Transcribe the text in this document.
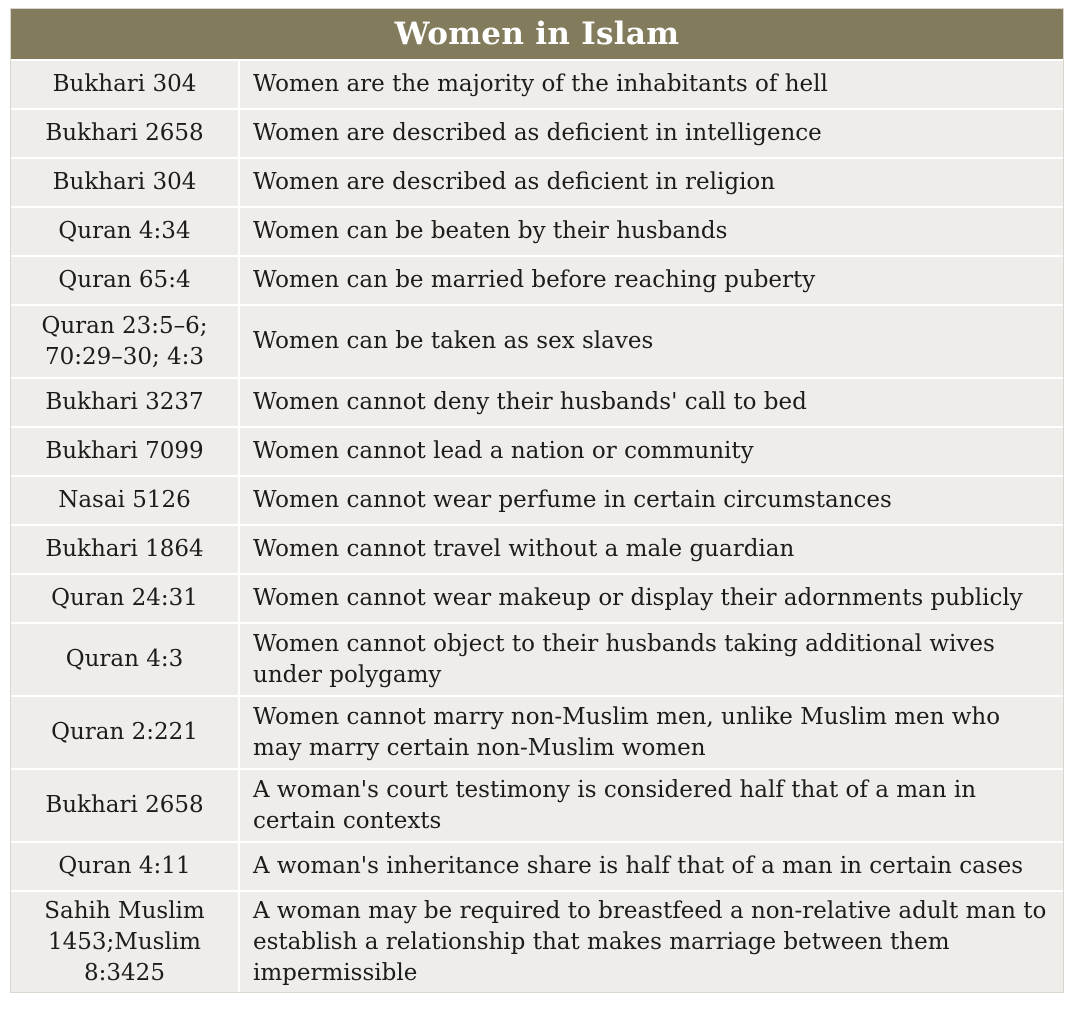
Women in Islam
Bukhari 304	Women are the majority of the inhabitants of hell
Bukhari 2658	Women are described as deficient in intelligence
Bukhari 304	Women are described as deficient in religion
Quran 4:34	Women can be beaten by their husbands
Quran 65:4	Women can be married before reaching puberty
Quran 23:5–6; 70:29–30; 4:3	Women can be taken as sex slaves
Bukhari 3237	Women cannot deny their husbands' call to bed
Bukhari 7099	Women cannot lead a nation or community
Nasai 5126	Women cannot wear perfume in certain circumstances
Bukhari 1864	Women cannot travel without a male guardian
Quran 24:31	Women cannot wear makeup or display their adornments publicly
Quran 4:3	Women cannot object to their husbands taking additional wives under polygamy
Quran 2:221	Women cannot marry non-Muslim men, unlike Muslim men who may marry certain non-Muslim women
Bukhari 2658	A woman's court testimony is considered half that of a man in certain contexts
Quran 4:11	A woman's inheritance share is half that of a man in certain cases
Sahih Muslim 1453;Muslim 8:3425	A woman may be required to breastfeed a non-relative adult man to establish a relationship that makes marriage between them impermissible
